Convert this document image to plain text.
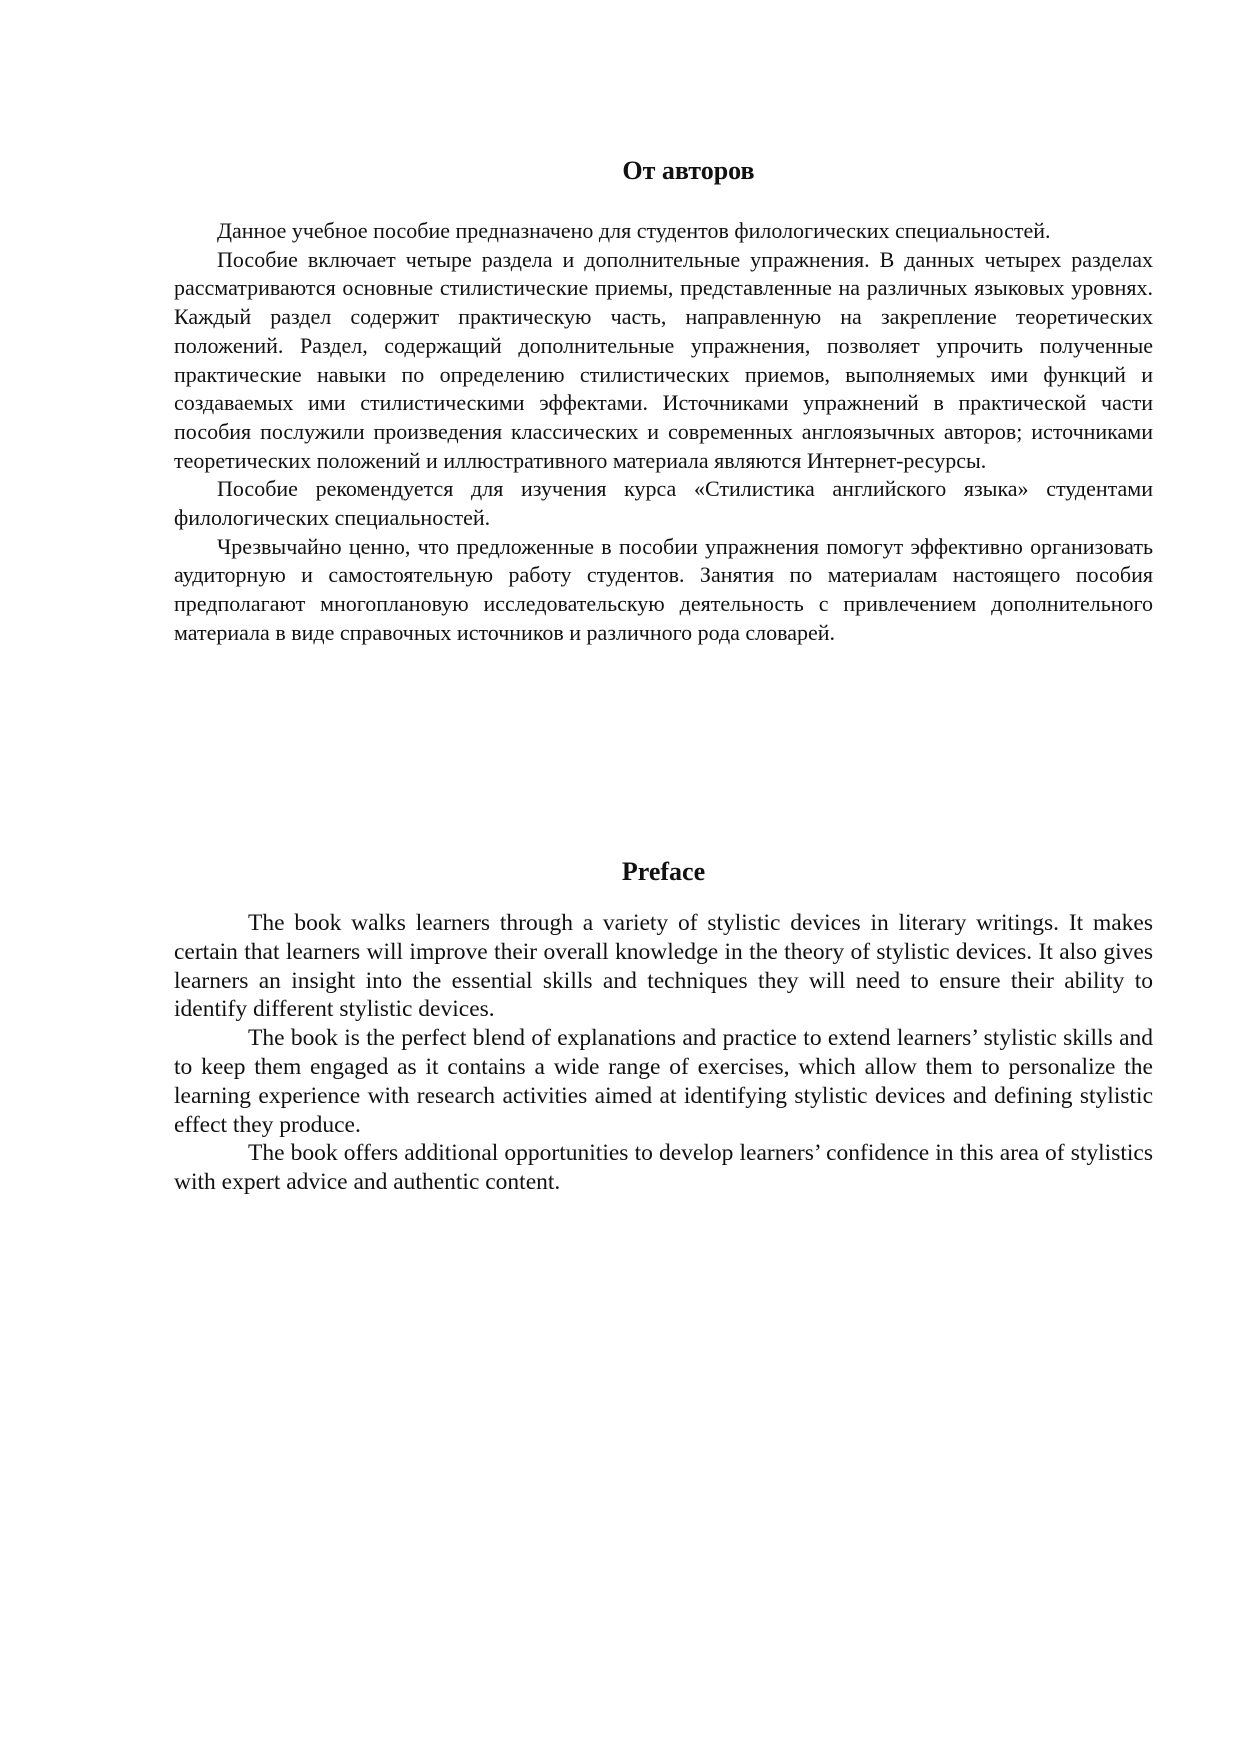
От авторов

Данное учебное пособие предназначено для студентов филологических специальностей.

Пособие включает четыре раздела и дополнительные упражнения. В данных четырех разделах рассматриваются основные стилистические приемы, представленные на различных языковых уровнях. Каждый раздел содержит практическую часть, направленную на закрепление теоретических положений. Раздел, содержащий дополнительные упражнения, позволяет упрочить полученные практические навыки по определению стилистических приемов, выполняемых ими функций и создаваемых ими стилистическими эффектами. Источниками упражнений в практической части пособия послужили произведения классических и современных англоязычных авторов; источниками теоретических положений и иллюстративного материала являются Интернет-ресурсы.

Пособие рекомендуется для изучения курса «Стилистика английского языка» студентами филологических специальностей.

Чрезвычайно ценно, что предложенные в пособии упражнения помогут эффективно организовать аудиторную и самостоятельную работу студентов. Занятия по материалам настоящего пособия предполагают многоплановую исследовательскую деятельность с привлечением дополнительного материала в виде справочных источников и различного рода словарей.

Preface

The book walks learners through a variety of stylistic devices in literary writings. It makes certain that learners will improve their overall knowledge in the theory of stylistic devices. It also gives learners an insight into the essential skills and techniques they will need to ensure their ability to identify different stylistic devices.

The book is the perfect blend of explanations and practice to extend learners’ stylistic skills and to keep them engaged as it contains a wide range of exercises, which allow them to personalize the learning experience with research activities aimed at identifying stylistic devices and defining stylistic effect they produce.

The book offers additional opportunities to develop learners’ confidence in this area of stylistics with expert advice and authentic content.
